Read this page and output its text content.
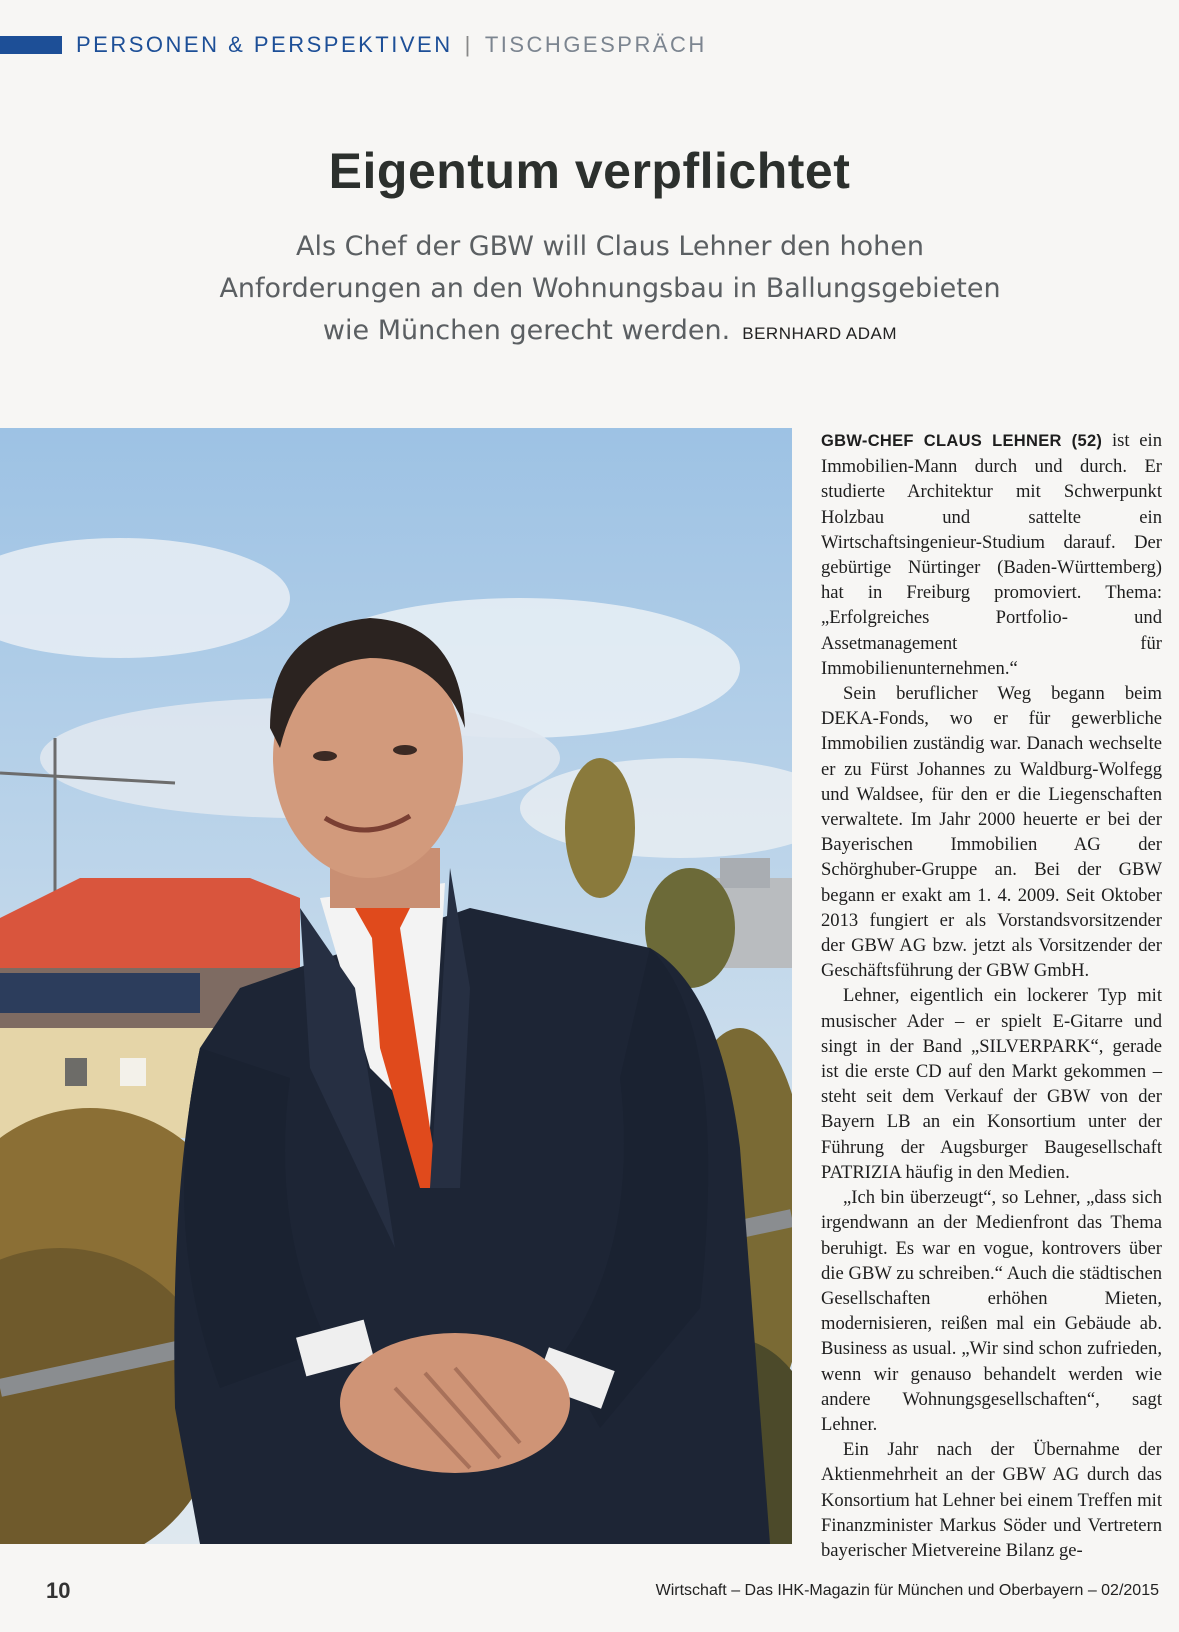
PERSONEN & PERSPEKTIVEN | TISCHGESPRÄCH
Eigentum verpflichtet
Als Chef der GBW will Claus Lehner den hohen Anforderungen an den Wohnungsbau in Ballungsgebieten wie München gerecht werden. BERNHARD ADAM

GBW-CHEF CLAUS LEHNER (52) ist ein Immobilien-Mann durch und durch. Er studierte Architektur mit Schwerpunkt Holzbau und sattelte ein Wirtschaftsingenieur-Studium darauf. Der gebürtige Nürtinger (Baden-Württemberg) hat in Freiburg promoviert. Thema: „Erfolgreiches Portfolio- und Assetmanagement für Immobilienunternehmen.“

Sein beruflicher Weg begann beim DEKA-Fonds, wo er für gewerbliche Immobilien zuständig war. Danach wechselte er zu Fürst Johannes zu Waldburg-Wolfegg und Waldsee, für den er die Liegenschaften verwaltete. Im Jahr 2000 heuerte er bei der Bayerischen Immobilien AG der Schörghuber-Gruppe an. Bei der GBW begann er exakt am 1. 4. 2009. Seit Oktober 2013 fungiert er als Vorstandsvorsitzender der GBW AG bzw. jetzt als Vorsitzender der Geschäftsführung der GBW GmbH.

Lehner, eigentlich ein lockerer Typ mit musischer Ader – er spielt E-Gitarre und singt in der Band „SILVERPARK“, gerade ist die erste CD auf den Markt gekommen – steht seit dem Verkauf der GBW von der Bayern LB an ein Konsortium unter der Führung der Augsburger Baugesellschaft PATRIZIA häufig in den Medien.

„Ich bin überzeugt“, so Lehner, „dass sich irgendwann an der Medienfront das Thema beruhigt. Es war en vogue, kontrovers über die GBW zu schreiben.“ Auch die städtischen Gesellschaften erhöhen Mieten, modernisieren, reißen mal ein Gebäude ab. Business as usual. „Wir sind schon zufrieden, wenn wir genauso behandelt werden wie andere Wohnungsgesellschaften“, sagt Lehner.

Ein Jahr nach der Übernahme der Aktienmehrheit an der GBW AG durch das Konsortium hat Lehner bei einem Treffen mit Finanzminister Markus Söder und Vertretern bayerischer Mietvereine Bilanz ge-

10	Wirtschaft – Das IHK-Magazin für München und Oberbayern – 02/2015
